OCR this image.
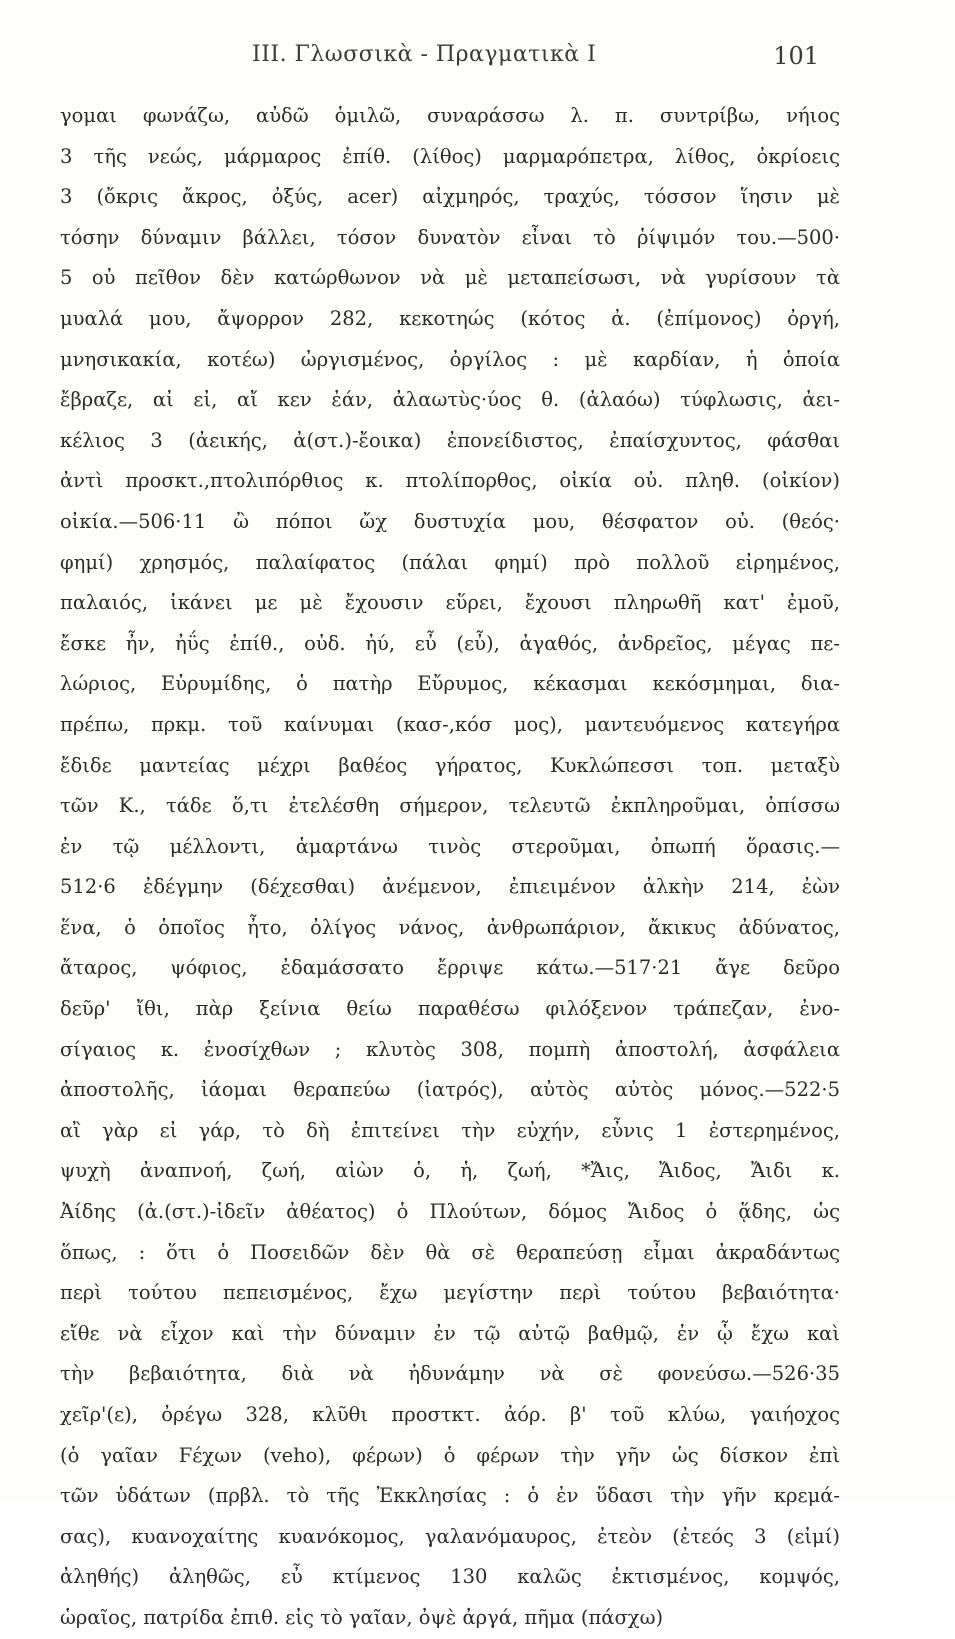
III. Γλωσσικὰ - Πραγματικὰ I	101
γομαι φωνάζω, αὐδῶ ὁμιλῶ, συναράσσω λ. π. συντρίβω, νήιος
3 τῆς νεώς, μάρμαρος ἐπίθ. (λίθος) μαρμαρόπετρα, λίθος, ὀκρίοεις
3 (ὄκρις ἄκρος, ὀξύς, acer) αἰχμηρός, τραχύς, τόσσον ἵησιν μὲ
τόσην δύναμιν βάλλει, τόσον δυνατὸν εἶναι τὸ ῥίψιμόν του.—500·
5 οὐ πεῖθον δὲν κατώρθωνον νὰ μὲ μεταπείσωσι, νὰ γυρίσουν τὰ
μυαλά μου, ἄψορρον 282, κεκοτηώς (κότος ἀ. (ἐπίμονος) ὀργή,
μνησικακία, κοτέω) ὠργισμένος, ὀργίλος : μὲ καρδίαν, ἡ ὁποία
ἔβραζε, αἰ εἰ, αἴ κεν ἐάν, ἀλαωτὺς·ύος θ. (ἀλαόω) τύφλωσις, ἀει-
κέλιος 3 (ἀεικής, ἀ(στ.)-ἔοικα) ἐπονείδιστος, ἐπαίσχυντος, φάσθαι
ἀντὶ προσκτ.,πτολιπόρθιος κ. πτολίπορθος, οἰκία οὐ. πληθ. (οἰκίον)
οἰκία.—506·11 ὢ πόποι ὤχ δυστυχία μου, θέσφατον οὐ. (θεός·
φημί) χρησμός, παλαίφατος (πάλαι φημί) πρὸ πολλοῦ εἰρημένος,
παλαιός, ἱκάνει με μὲ ἔχουσιν εὕρει, ἔχουσι πληρωθῆ κατ' ἐμοῦ,
ἔσκε ἦν, ἠΰς ἐπίθ., οὐδ. ἠύ, εὖ (εὖ), ἀγαθός, ἀνδρεῖος, μέγας πε-
λώριος, Εὐρυμίδης, ὁ πατὴρ Εὔρυμος, κέκασμαι κεκόσμημαι, δια-
πρέπω, πρκμ. τοῦ καίνυμαι (κασ-,κόσ μος), μαντευόμενος κατεγήρα
ἔδιδε μαντείας μέχρι βαθέος γήρατος, Κυκλώπεσσι τοπ. μεταξὺ
τῶν Κ., τάδε ὅ,τι ἐτελέσθη σήμερον, τελευτῶ ἐκπληροῦμαι, ὀπίσσω
ἐν τῷ μέλλοντι, ἁμαρτάνω τινὸς στεροῦμαι, ὀπωπή ὅρασις.—
512·6 ἐδέγμην (δέχεσθαι) ἀνέμενον, ἐπιειμένον ἀλκὴν 214, ἐὼν
ἕνα, ὁ ὁποῖος ἦτο, ὀλίγος νάνος, ἀνθρωπάριον, ἄκικυς ἀδύνατος,
ἄταρος, ψόφιος, ἐδαμάσσατο ἔρριψε κάτω.—517·21 ἄγε δεῦρο
δεῦρ' ἴθι, πὰρ ξείνια θείω παραθέσω φιλόξενον τράπεζαν, ἐνο-
σίγαιος κ. ἐνοσίχθων ; κλυτὸς 308, πομπὴ ἀποστολή, ἀσφάλεια
ἀποστολῆς, ἰάομαι θεραπεύω (ἰατρός), αὐτὸς αὐτὸς μόνος.—522·5
αἲ γὰρ εἰ γάρ, τὸ δὴ ἐπιτείνει τὴν εὐχήν, εὖνις 1 ἐστερημένος,
ψυχὴ ἀναπνοή, ζωή, αἰὼν ὁ, ἡ, ζωή, *Ἄις, Ἄιδος, Ἄιδι κ.
Ἀίδης (ἀ.(στ.)-ἰδεῖν ἀθέατος) ὁ Πλούτων, δόμος Ἄιδος ὁ ᾅδης, ὡς
ὅπως, : ὅτι ὁ Ποσειδῶν δὲν θὰ σὲ θεραπεύσῃ εἶμαι ἀκραδάντως
περὶ τούτου πεπεισμένος, ἔχω μεγίστην περὶ τούτου βεβαιότητα·
εἴθε νὰ εἶχον καὶ τὴν δύναμιν ἐν τῷ αὐτῷ βαθμῷ, ἐν ᾧ ἔχω καὶ
τὴν βεβαιότητα, διὰ νὰ ἠδυνάμην νὰ σὲ φονεύσω.—526·35
χεῖρ'(ε), ὀρέγω 328, κλῦθι προστκτ. ἀόρ. β' τοῦ κλύω, γαιήοχος
(ὁ γαῖαν Ϝέχων (veho), φέρων) ὁ φέρων τὴν γῆν ὡς δίσκον ἐπὶ
τῶν ὑδάτων (πρβλ. τὸ τῆς Ἐκκλησίας : ὁ ἐν ὕδασι τὴν γῆν κρεμά-
σας), κυανοχαίτης κυανόκομος, γαλανόμαυρος, ἐτεὸν (ἐτεός 3 (εἰμί)
ἀληθής) ἀληθῶς, εὖ κτίμενος 130 καλῶς ἐκτισμένος, κομψός,
ὡραῖος, πατρίδα ἐπιθ. εἰς τὸ γαῖαν, ὀψὲ ἀργά, πῆμα (πάσχω)
